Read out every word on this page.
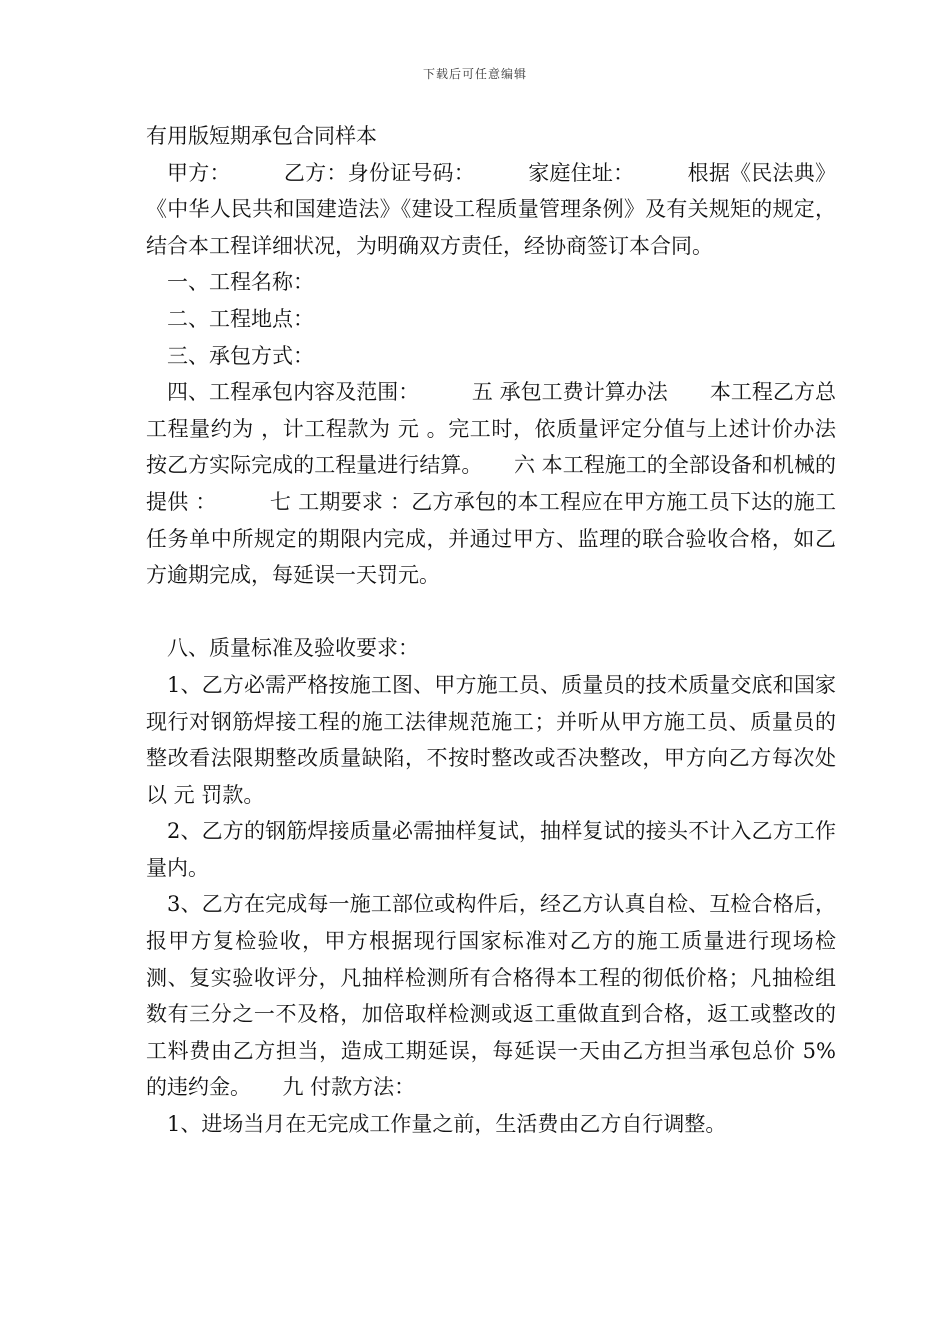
下载后可任意编辑

有用版短期承包合同样本

甲方：　　　乙方：身份证号码：　　　家庭住址：　　　根据《民法典》《中华人民共和国建造法》《建设工程质量管理条例》及有关规矩的规定，结合本工程详细状况，为明确双方责任，经协商签订本合同。

一、工程名称：

二、工程地点：

三、承包方式：

四、工程承包内容及范围：　　　五 承包工费计算办法　　本工程乙方总工程量约为 ，计工程款为 元 。完工时，依质量评定分值与上述计价办法按乙方实际完成的工程量进行结算。　　六 本工程施工的全部设备和机械的提供 ：　　　七 工期要求 ：乙方承包的本工程应在甲方施工员下达的施工任务单中所规定的期限内完成，并通过甲方、监理的联合验收合格，如乙方逾期完成，每延误一天罚元。

八、质量标准及验收要求：

1、乙方必需严格按施工图、甲方施工员、质量员的技术质量交底和国家现行对钢筋焊接工程的施工法律规范施工；并听从甲方施工员、质量员的整改看法限期整改质量缺陷，不按时整改或否决整改，甲方向乙方每次处以 元 罚款。

2、乙方的钢筋焊接质量必需抽样复试，抽样复试的接头不计入乙方工作量内。

3、乙方在完成每一施工部位或构件后，经乙方认真自检、互检合格后，报甲方复检验收，甲方根据现行国家标准对乙方的施工质量进行现场检测、复实验收评分，凡抽样检测所有合格得本工程的彻低价格；凡抽检组数有三分之一不及格，加倍取样检测或返工重做直到合格，返工或整改的工料费由乙方担当，造成工期延误，每延误一天由乙方担当承包总价 5% 的违约金。　　九 付款方法：

1、进场当月在无完成工作量之前，生活费由乙方自行调整。
